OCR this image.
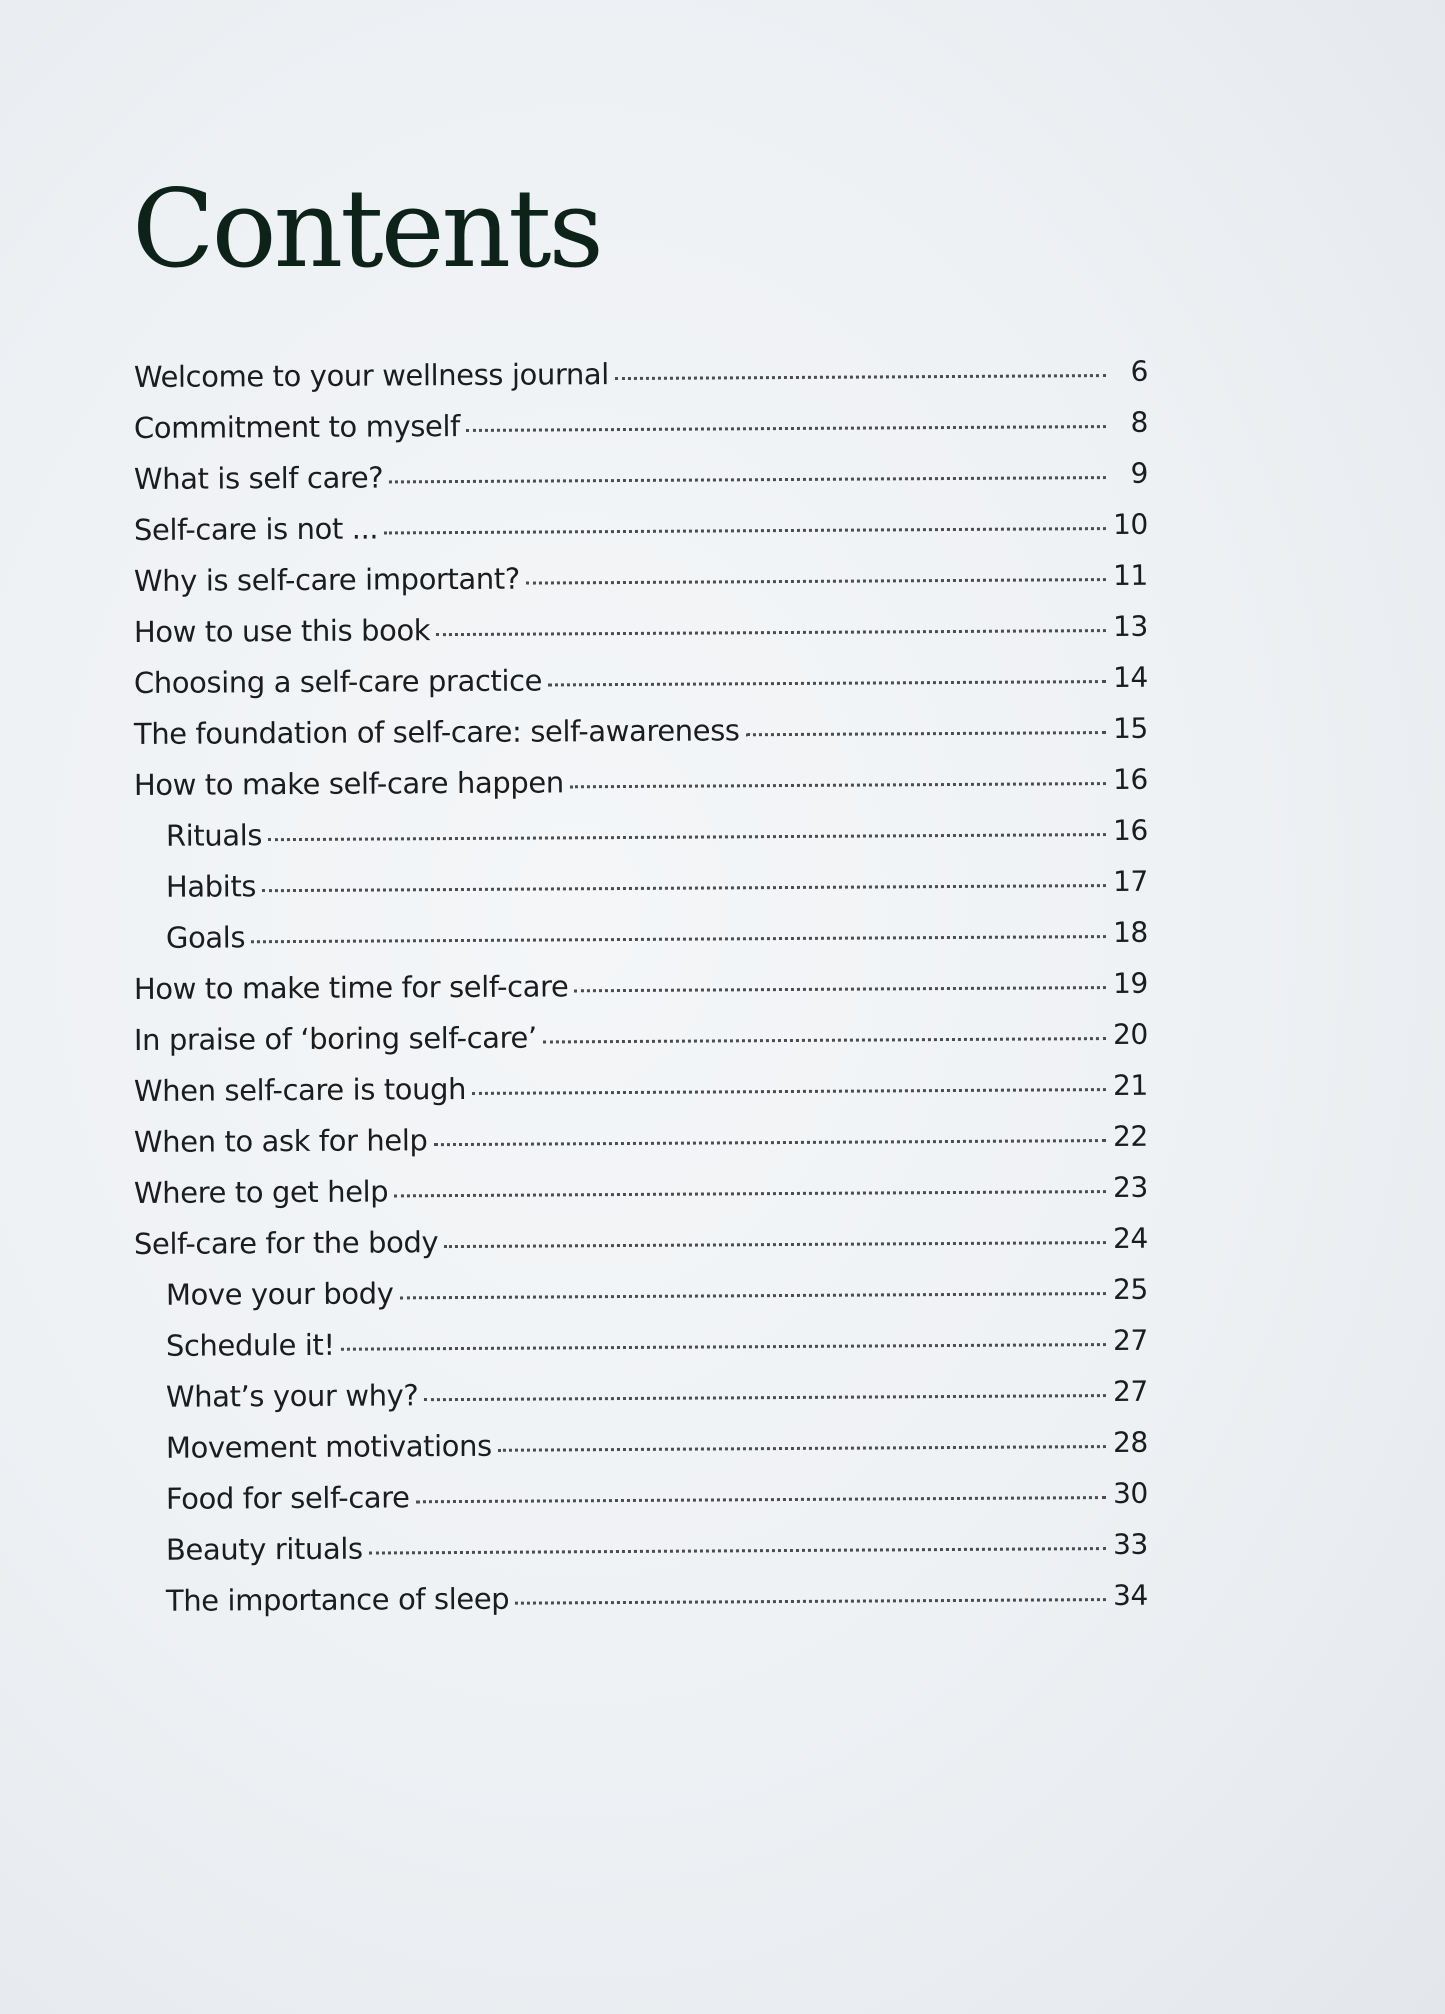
Contents
Welcome to your wellness journal	6
Commitment to myself	8
What is self care?	9
Self-care is not ...	10
Why is self-care important?	11
How to use this book	13
Choosing a self-care practice	14
The foundation of self-care: self-awareness	15
How to make self-care happen	16
Rituals	16
Habits	17
Goals	18
How to make time for self-care	19
In praise of ‘boring self-care’	20
When self-care is tough	21
When to ask for help	22
Where to get help	23
Self-care for the body	24
Move your body	25
Schedule it!	27
What’s your why?	27
Movement motivations	28
Food for self-care	30
Beauty rituals	33
The importance of sleep	34
